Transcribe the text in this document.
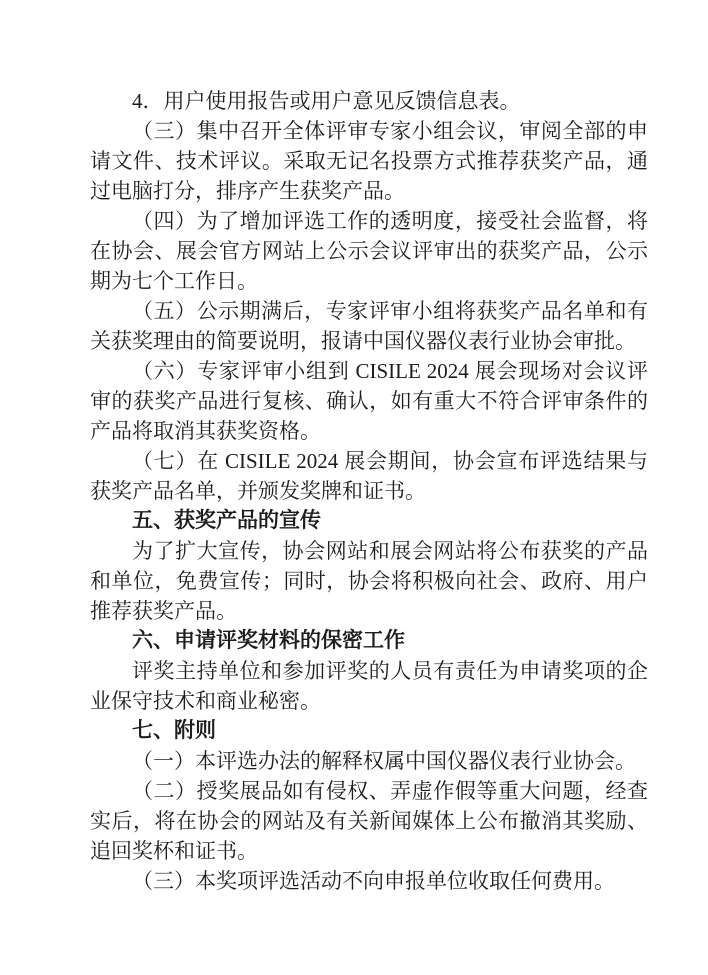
4．用户使用报告或用户意见反馈信息表。

（三）集中召开全体评审专家小组会议，审阅全部的申请文件、技术评议。采取无记名投票方式推荐获奖产品，通过电脑打分，排序产生获奖产品。

（四）为了增加评选工作的透明度，接受社会监督，将在协会、展会官方网站上公示会议评审出的获奖产品，公示期为七个工作日。

（五）公示期满后，专家评审小组将获奖产品名单和有关获奖理由的简要说明，报请中国仪器仪表行业协会审批。

（六）专家评审小组到 CISILE 2024 展会现场对会议评审的获奖产品进行复核、确认，如有重大不符合评审条件的产品将取消其获奖资格。

（七）在 CISILE 2024 展会期间，协会宣布评选结果与获奖产品名单，并颁发奖牌和证书。

五、获奖产品的宣传

为了扩大宣传，协会网站和展会网站将公布获奖的产品和单位，免费宣传；同时，协会将积极向社会、政府、用户推荐获奖产品。

六、申请评奖材料的保密工作

评奖主持单位和参加评奖的人员有责任为申请奖项的企业保守技术和商业秘密。

七、附则

（一）本评选办法的解释权属中国仪器仪表行业协会。

（二）授奖展品如有侵权、弄虚作假等重大问题，经查实后，将在协会的网站及有关新闻媒体上公布撤消其奖励、追回奖杯和证书。

（三）本奖项评选活动不向申报单位收取任何费用。
